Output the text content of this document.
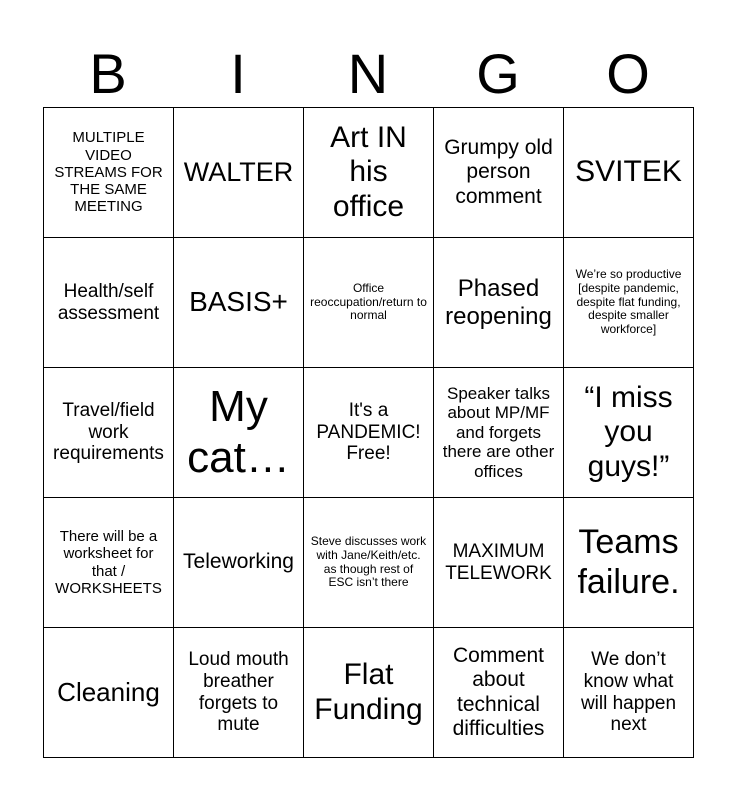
B	I	N	G	O
MULTIPLE VIDEO STREAMS FOR THE SAME MEETING	WALTER	Art IN his office	Grumpy old person comment	SVITEK
Health/self assessment	BASIS+	Office reoccupation/return to normal	Phased reopening	We’re so productive [despite pandemic, despite flat funding, despite smaller workforce]
Travel/field work requirements	My cat…	It's a PANDEMIC! Free!	Speaker talks about MP/MF and forgets there are other offices	“I miss you guys!”
There will be a worksheet for that / WORKSHEETS	Teleworking	Steve discusses work with Jane/Keith/etc. as though rest of ESC isn’t there	MAXIMUM TELEWORK	Teams failure.
Cleaning	Loud mouth breather forgets to mute	Flat Funding	Comment about technical difficulties	We don’t know what will happen next
